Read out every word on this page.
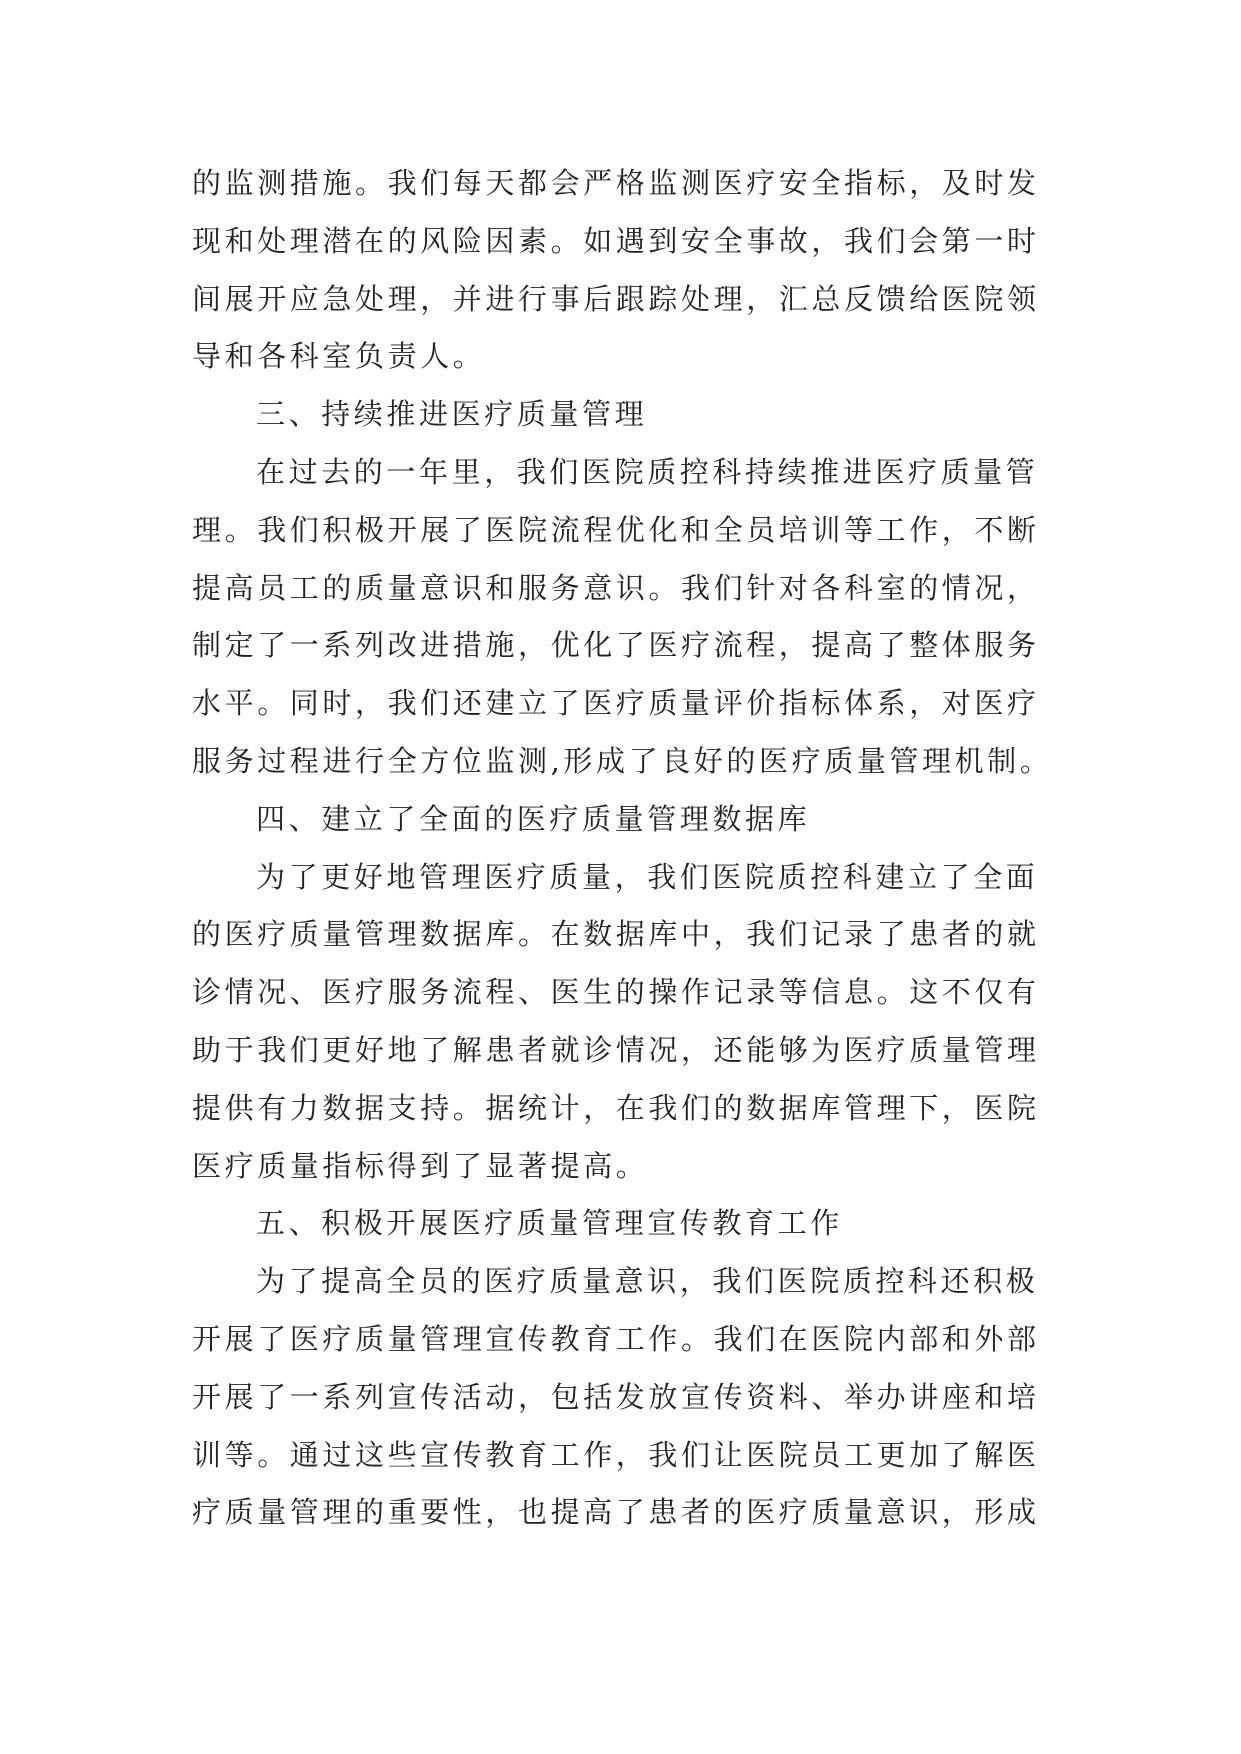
的监测措施。我们每天都会严格监测医疗安全指标，及时发
现和处理潜在的风险因素。如遇到安全事故，我们会第一时
间展开应急处理，并进行事后跟踪处理，汇总反馈给医院领
导和各科室负责人。
三、持续推进医疗质量管理
在过去的一年里，我们医院质控科持续推进医疗质量管
理。我们积极开展了医院流程优化和全员培训等工作，不断
提高员工的质量意识和服务意识。我们针对各科室的情况，
制定了一系列改进措施，优化了医疗流程，提高了整体服务
水平。同时，我们还建立了医疗质量评价指标体系，对医疗
服务过程进行全方位监测,形成了良好的医疗质量管理机制。
四、建立了全面的医疗质量管理数据库
为了更好地管理医疗质量，我们医院质控科建立了全面
的医疗质量管理数据库。在数据库中，我们记录了患者的就
诊情况、医疗服务流程、医生的操作记录等信息。这不仅有
助于我们更好地了解患者就诊情况，还能够为医疗质量管理
提供有力数据支持。据统计，在我们的数据库管理下，医院
医疗质量指标得到了显著提高。
五、积极开展医疗质量管理宣传教育工作
为了提高全员的医疗质量意识，我们医院质控科还积极
开展了医疗质量管理宣传教育工作。我们在医院内部和外部
开展了一系列宣传活动，包括发放宣传资料、举办讲座和培
训等。通过这些宣传教育工作，我们让医院员工更加了解医
疗质量管理的重要性，也提高了患者的医疗质量意识，形成
